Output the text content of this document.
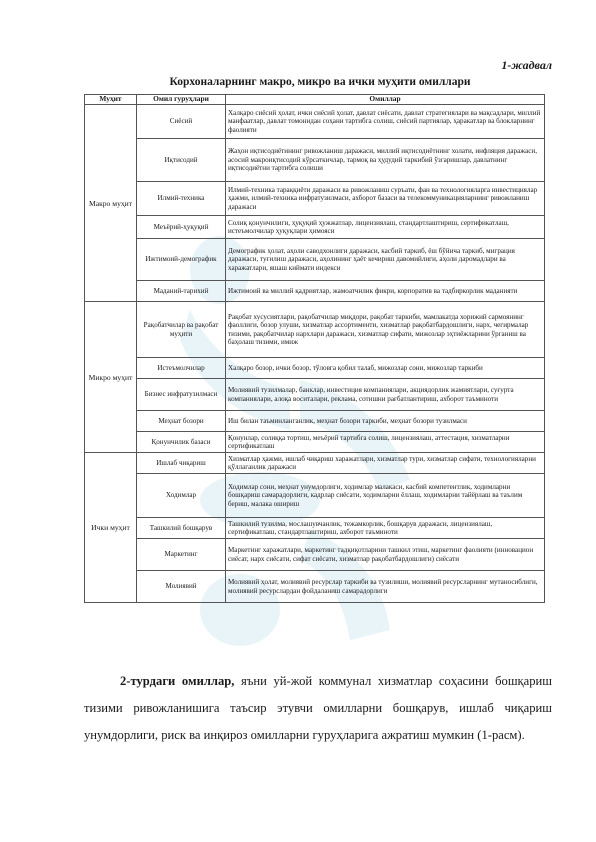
1-жадвал
Корхоналарнинг макро, микро ва ички муҳити омиллари
Муҳит	Омил гуруҳлари	Омиллар
Макро муҳит	Сиёсий	Халқаро сиёсий ҳолат, ички сиёсий ҳолат, давлат сиёсати, давлат стратегиялари ва мақсадлари, миллий манфаатлар, давлат томонидан соҳани тартибга солиш, сиёсий партиялар, ҳаракатлар ва блокларнинг фаолияти
	Иқтисодий	Жаҳон иқтисодиётининг ривожланиш даражаси, миллий иқтисодиётнинг холати, инфляция даражаси, асосий макроиқтисодий кўрсаткичлар, тармоқ ва ҳудудий таркибий ўзгаришлар, давлатнинг иқтисодиётни тартибга солиши
	Илмий-техника	Илмий-техника тараққиёти даражаси ва ривожланиш суръати, фан ва технологияларга инвестициялар ҳажми, илмий-техника инфратузилмаси, ахборот базаси ва телекоммуникацияларнинг ривожланиш даражаси
	Меъёрий-ҳуқуқий	Солиқ қонунчилиги, ҳуқуқий ҳужжатлар, лицензиялаш, стандартлаштириш, сертификатлаш, истеъмолчилар ҳуқуқлари ҳимояси
	Ижтимоий-демографик	Демографик ҳолат, аҳоли саводхонлиги даражаси, касбий таркиб, ёш бўйича таркиб, миграция даражаси, туғилиш даражаси, аҳолининг ҳаёт кечириш давомийлиги, аҳоли даромадлари ва харажатлари, яшаш киймати индекси
	Маданий-тарихий	Ижтимоий ва миллий қадриятлар, жамоатчилик фикри, корпоратив ва тадбиркорлик маданияти
Микро муҳит	Рақобатчилар ва рақобат муҳити	Рақобат хусусиятлари, рақобатчилар миқдори, рақобат таркиби, мамлакатда хорижий сармоянинг фаоллиги, бозор улуши, хизматлар ассортименти, хизматлар рақобатбардошлиги, нарх, чегирмалар тизими, рақобатчилар нархлари даражаси, хизматлар сифати, мижозлар эҳтиёжларини ўрганиш ва баҳолаш тизими, имиж
	Истеъмолчилар	Халқаро бозор, ички бозор, тўловга қобил талаб, мижозлар сони, мижозлар таркиби
	Бизнес инфратузилмаси	Молиявий тузилмалар, банклар, инвестиция компаниялари, акциядорлик жамиятлари, суғурта компаниялари, алоқа воситалари, реклама, сотишни рағбатлантириш, ахборот таъминоти
	Меҳнат бозори	Иш билан таъминланганлик, меҳнат бозори таркиби, меҳнат бозори тузилмаси
	Қонунчилик базаси	Қонунлар, солиққа тортиш, меъёрий тартибга солиш, лицензиялаш, аттестация, хизматларни сертификатлаш
Ички муҳит	Ишлаб чиқариш	Хизматлар ҳажми, ишлаб чиқариш харажатлари, хизматлар тури, хизматлар сифати, технологияларни қўллаганлик даражаси
	Ходимлар	Ходимлар сони, меҳнат унумдорлиги, ходимлар малакаси, касбий компетентлик, ходимларни бошқариш самарадорлиги, кадрлар сиёсати, ходимларни ёллаш, ходимларни тайёрлаш ва таълим бериш, малака ошириш
	Ташкилий бошқарув	Ташкилий тузилма, мослашувчанлик, тежамкорлик, бошқарув даражаси, лицензиялаш, сертификатлаш, стандартлаштириш, ахборот таъминоти
	Маркетинг	Маркетинг харажатлари, маркетинг тадқиқотларини ташкил этиш, маркетинг фаолияти (инновацион сиёсат, нарх сиёсати, сифат сиёсати, хизматлар рақобатбардошлиги) сиёсати
	Молиявий	Молиявий ҳолат, молиявий ресурслар таркиби ва тузилиши, молиявий ресурсларнинг мутаносиблиги, молиявий ресурслардан фойдаланиш самарадорлиги
2-турдаги омиллар, яъни уй-жой коммунал хизматлар соҳасини бошқариш тизими ривожланишига таъсир этувчи омилларни бошқарув, ишлаб чиқариш унумдорлиги, риск ва инқироз омилларни гуруҳларига ажратиш мумкин (1-расм).
